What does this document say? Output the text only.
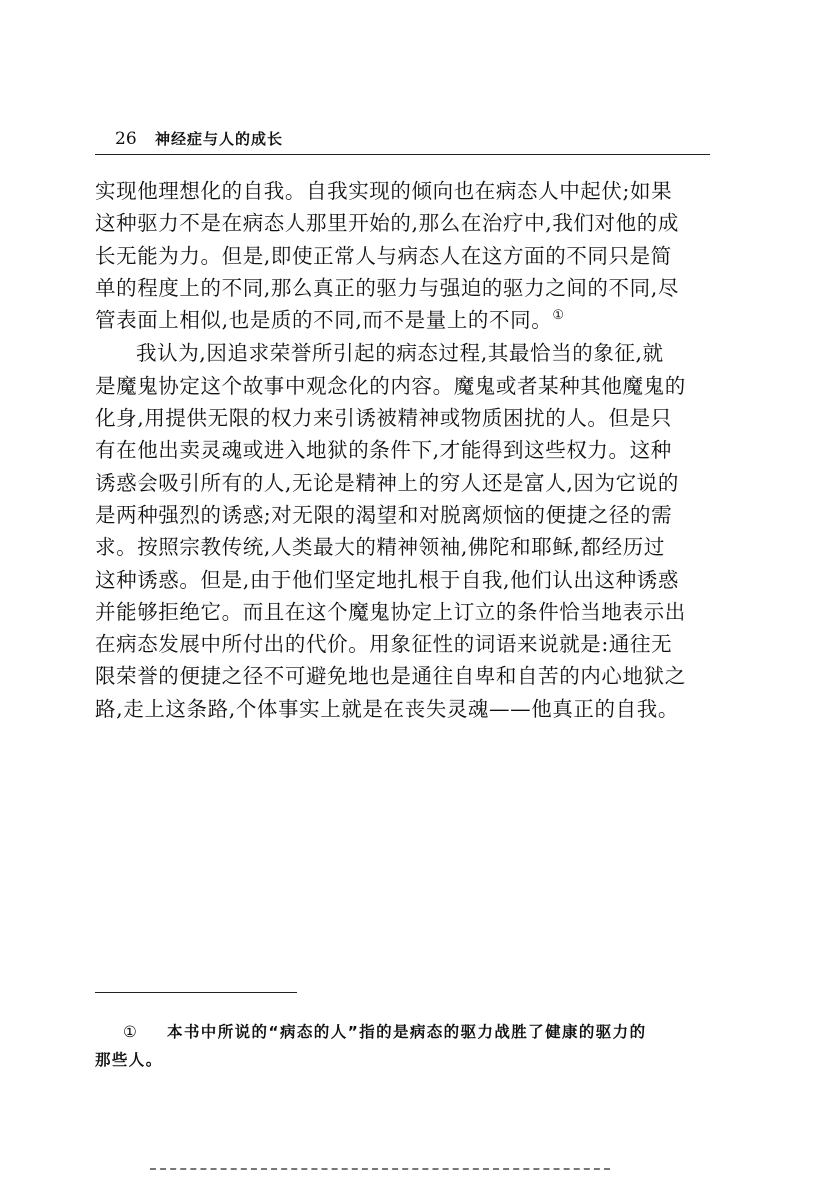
26 神经症与人的成长

实现他理想化的自我。自我实现的倾向也在病态人中起伏;如果
这种驱力不是在病态人那里开始的,那么在治疗中,我们对他的成
长无能为力。但是,即使正常人与病态人在这方面的不同只是简
单的程度上的不同,那么真正的驱力与强迫的驱力之间的不同,尽
管表面上相似,也是质的不同,而不是量上的不同。①

我认为,因追求荣誉所引起的病态过程,其最恰当的象征,就
是魔鬼协定这个故事中观念化的内容。魔鬼或者某种其他魔鬼的
化身,用提供无限的权力来引诱被精神或物质困扰的人。但是只
有在他出卖灵魂或进入地狱的条件下,才能得到这些权力。这种
诱惑会吸引所有的人,无论是精神上的穷人还是富人,因为它说的
是两种强烈的诱惑;对无限的渴望和对脱离烦恼的便捷之径的需
求。按照宗教传统,人类最大的精神领袖,佛陀和耶稣,都经历过
这种诱惑。但是,由于他们坚定地扎根于自我,他们认出这种诱惑
并能够拒绝它。而且在这个魔鬼协定上订立的条件恰当地表示出
在病态发展中所付出的代价。用象征性的词语来说就是:通往无
限荣誉的便捷之径不可避免地也是通往自卑和自苦的内心地狱之
路,走上这条路,个体事实上就是在丧失灵魂——他真正的自我。

① 本书中所说的“病态的人”指的是病态的驱力战胜了健康的驱力的
那些人。
